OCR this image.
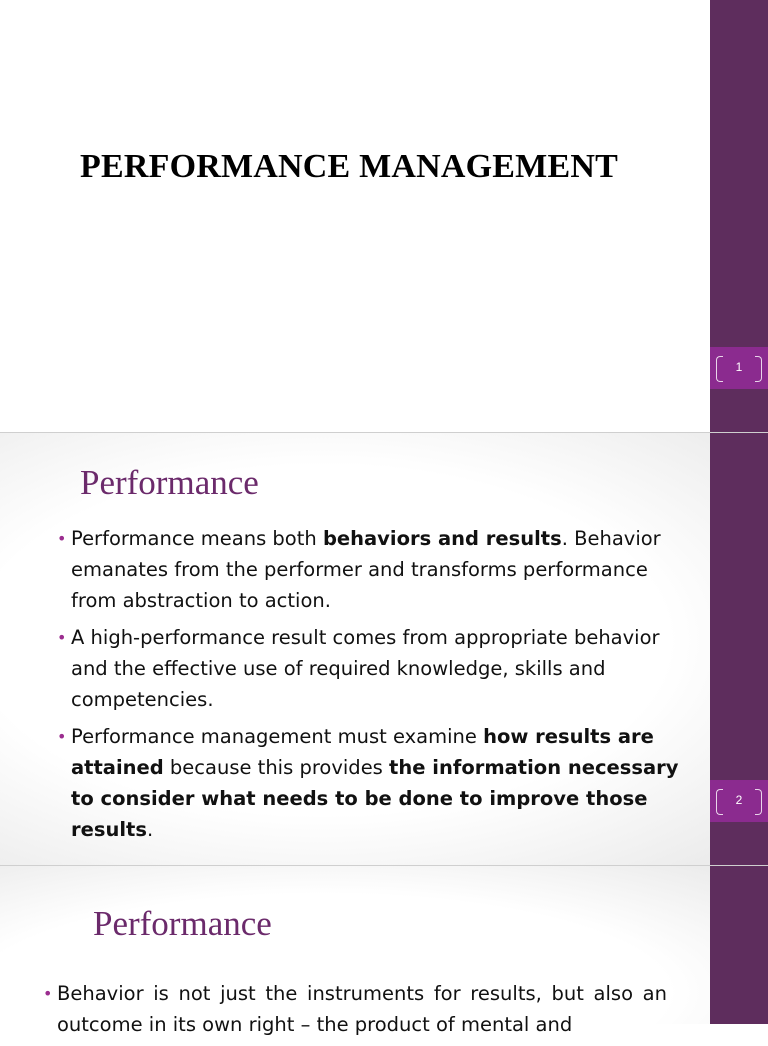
PERFORMANCE MANAGEMENT
1
Performance
• Performance means both behaviors and results. Behavior emanates from the performer and transforms performance from abstraction to action.
• A high-performance result comes from appropriate behavior and the effective use of required knowledge, skills and competencies.
• Performance management must examine how results are attained because this provides the information necessary to consider what needs to be done to improve those results.
2
Performance
• Behavior is not just the instruments for results, but also an outcome in its own right – the product of mental and
